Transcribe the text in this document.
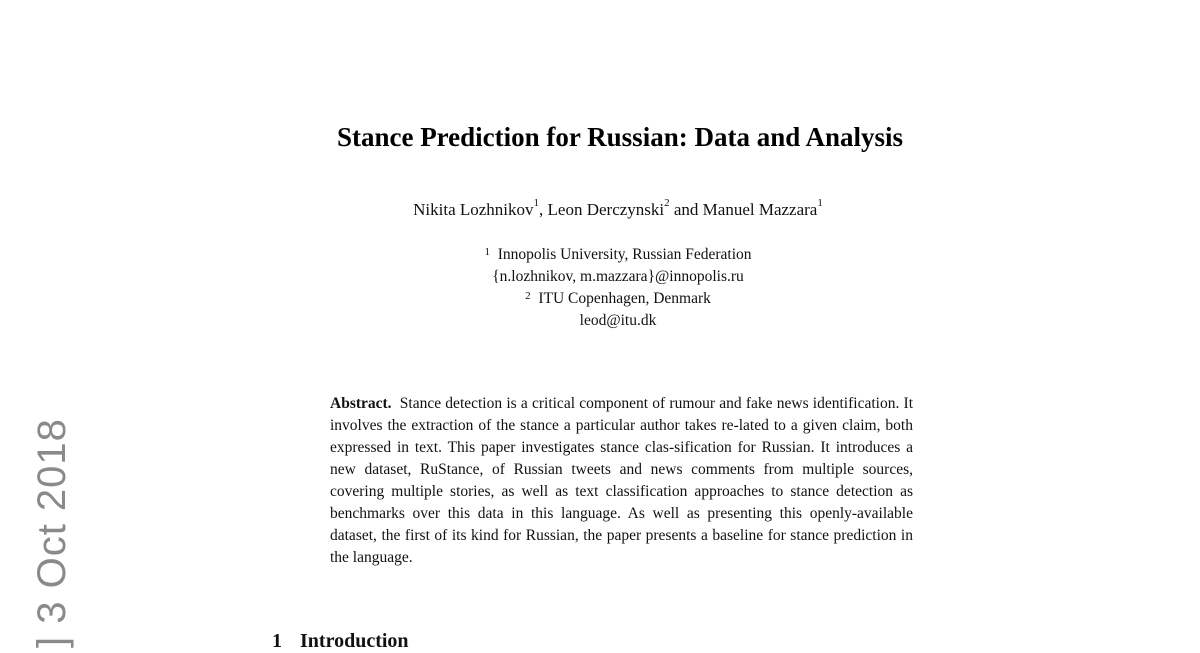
] 3 Oct 2018
Stance Prediction for Russian: Data and Analysis
Nikita Lozhnikov$^1$, Leon Derczynski$^2$ and Manuel Mazzara$^1$
$^1$ Innopolis University, Russian Federation
{n.lozhnikov, m.mazzara}@innopolis.ru
$^2$ ITU Copenhagen, Denmark
leod@itu.dk
Abstract. Stance detection is a critical component of rumour and fake news identification. It involves the extraction of the stance a particular author takes re-lated to a given claim, both expressed in text. This paper investigates stance clas-sification for Russian. It introduces a new dataset, RuStance, of Russian tweets and news comments from multiple sources, covering multiple stories, as well as text classification approaches to stance detection as benchmarks over this data in this language. As well as presenting this openly-available dataset, the first of its kind for Russian, the paper presents a baseline for stance prediction in the language.
1 Introduction
